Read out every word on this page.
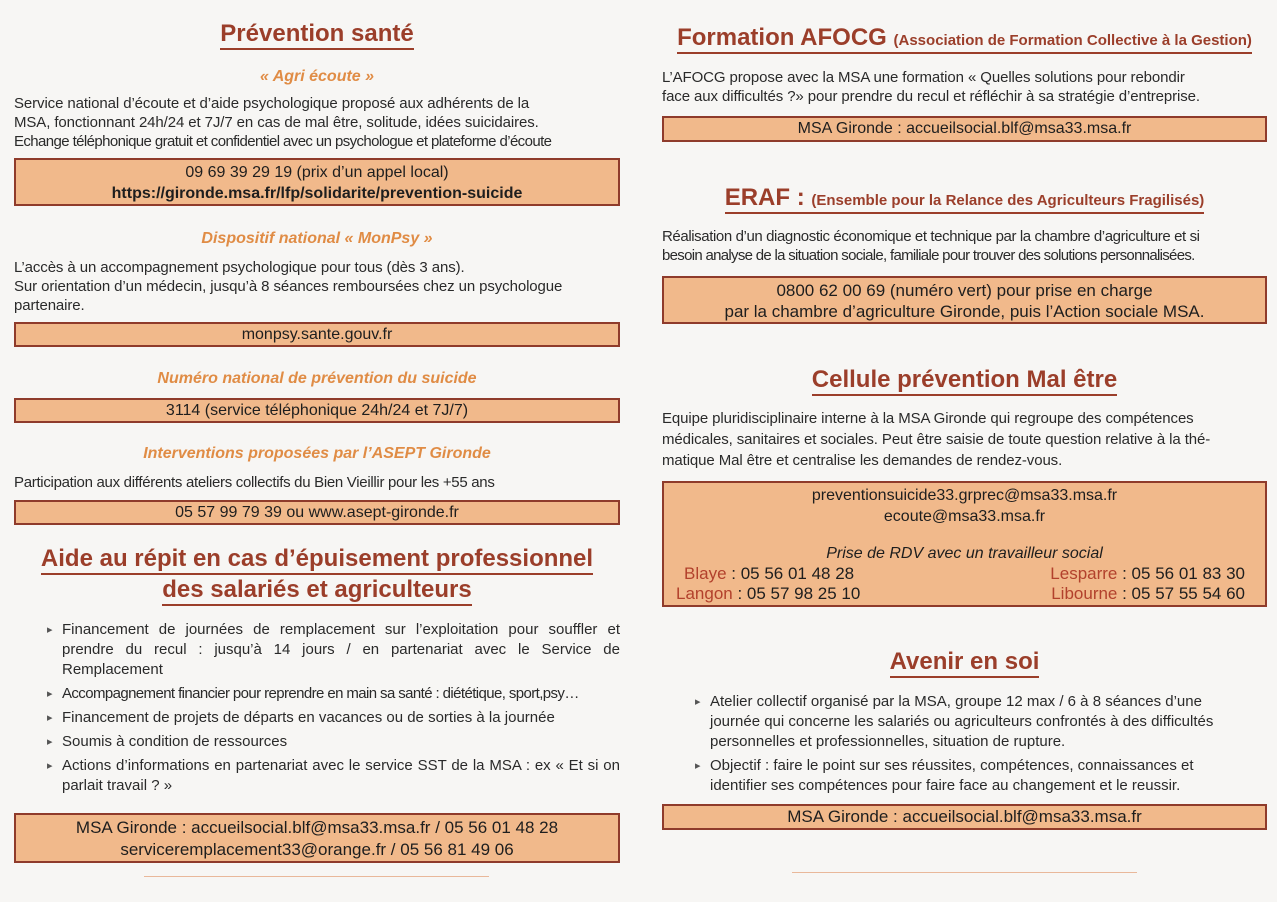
Prévention santé
« Agri écoute »
Service national d’écoute et d’aide psychologique proposé aux adhérents de la
MSA, fonctionnant 24h/24 et 7J/7 en cas de mal être, solitude, idées suicidaires.
Echange téléphonique gratuit et confidentiel avec un psychologue et plateforme d’écoute
09 69 39 29 19 (prix d’un appel local)
https://gironde.msa.fr/lfp/solidarite/prevention-suicide
Dispositif national « MonPsy »
L’accès à un accompagnement psychologique pour tous (dès 3 ans).
Sur orientation d’un médecin, jusqu’à 8 séances remboursées chez un psychologue
partenaire.
monpsy.sante.gouv.fr
Numéro national de prévention du suicide
3114 (service téléphonique 24h/24 et 7J/7)
Interventions proposées par l’ASEPT Gironde
Participation aux différents ateliers collectifs du Bien Vieillir pour les +55 ans
05 57 99 79 39 ou www.asept-gironde.fr
Aide au répit en cas d’épuisement professionnel
des salariés et agriculteurs
▸ Financement de journées de remplacement sur l’exploitation pour souffler et prendre du recul : jusqu’à 14 jours / en partenariat avec le Service de Remplacement
▸ Accompagnement financier pour reprendre en main sa santé : diététique, sport,psy…
▸ Financement de projets de départs en vacances ou de sorties à la journée
▸ Soumis à condition de ressources
▸ Actions d’informations en partenariat avec le service SST de la MSA : ex « Et si on parlait travail ? »
MSA Gironde : accueilsocial.blf@msa33.msa.fr / 05 56 01 48 28
serviceremplacement33@orange.fr / 05 56 81 49 06
Formation AFOCG (Association de Formation Collective à la Gestion)
L’AFOCG propose avec la MSA une formation « Quelles solutions pour rebondir
face aux difficultés ?» pour prendre du recul et réfléchir à sa stratégie d’entreprise.
MSA Gironde : accueilsocial.blf@msa33.msa.fr
ERAF : (Ensemble pour la Relance des Agriculteurs Fragilisés)
Réalisation d’un diagnostic économique et technique par la chambre d’agriculture et si
besoin analyse de la situation sociale, familiale pour trouver des solutions personnalisées.
0800 62 00 69 (numéro vert) pour prise en charge
par la chambre d’agriculture Gironde, puis l’Action sociale MSA.
Cellule prévention Mal être
Equipe pluridisciplinaire interne à la MSA Gironde qui regroupe des compétences
médicales, sanitaires et sociales. Peut être saisie de toute question relative à la thé-
matique Mal être et centralise les demandes de rendez-vous.
preventionsuicide33.grprec@msa33.msa.fr
ecoute@msa33.msa.fr
Prise de RDV avec un travailleur social
Blaye : 05 56 01 48 28
Langon : 05 57 98 25 10
Lesparre : 05 56 01 83 30
Libourne : 05 57 55 54 60
Avenir en soi
▸ Atelier collectif organisé par la MSA, groupe 12 max / 6 à 8 séances d’une journée qui concerne les salariés ou agriculteurs confrontés à des difficultés personnelles et professionnelles, situation de rupture.
▸ Objectif : faire le point sur ses réussites, compétences, connaissances et identifier ses compétences pour faire face au changement et le reussir.
MSA Gironde : accueilsocial.blf@msa33.msa.fr
